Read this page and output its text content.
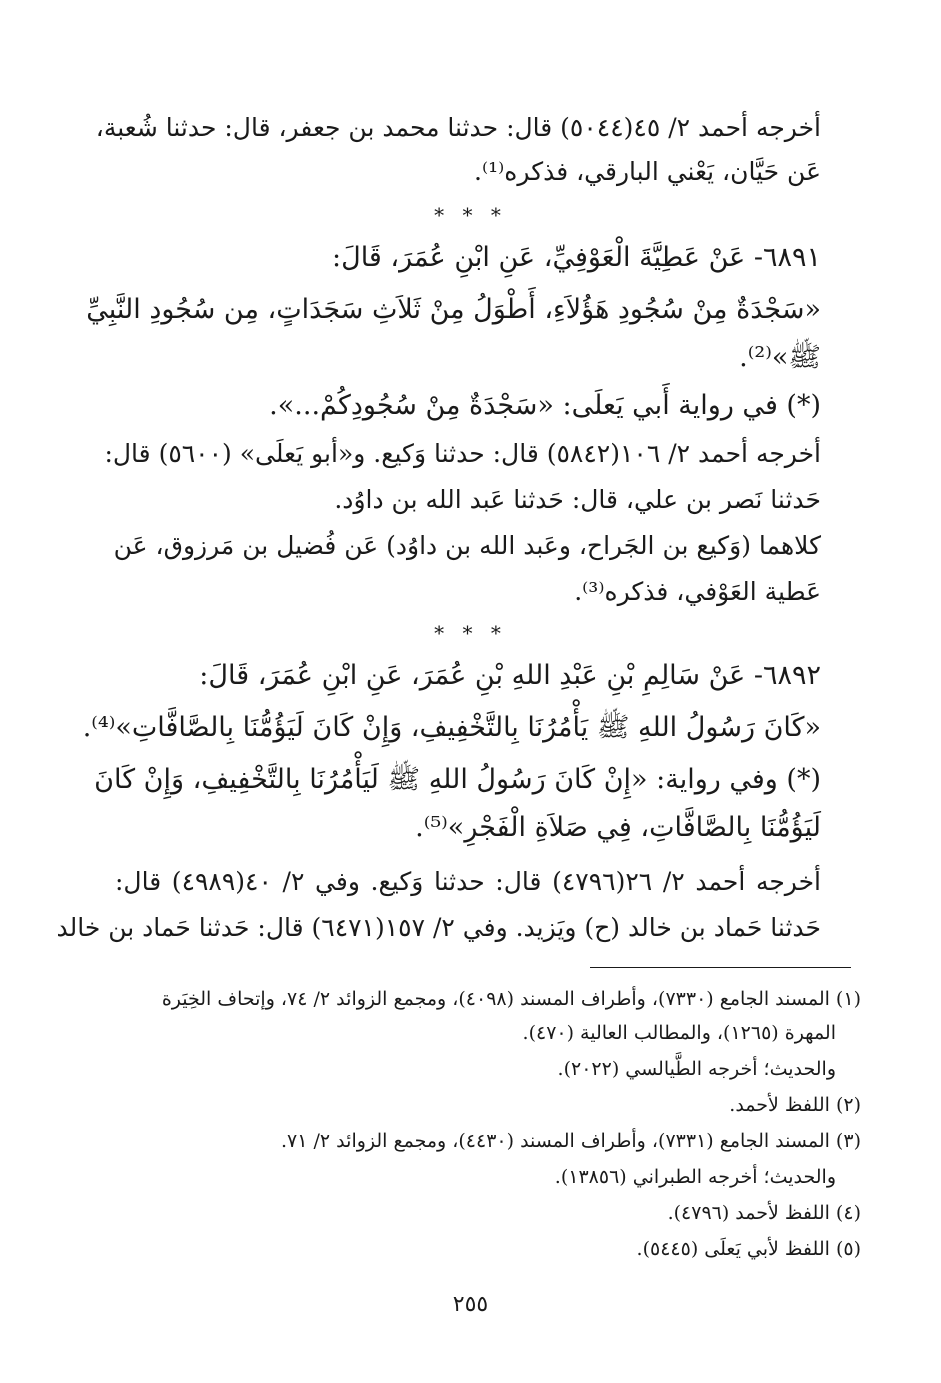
أخرجه أحمد ٢/ ٤٥(٥٠٤٤) قال: حدثنا محمد بن جعفر، قال: حدثنا شُعبة،
عَن حَيَّان، يَعْني البارقي، فذكره⁽¹⁾.
* * *
٦٨٩١- عَنْ عَطِيَّةَ الْعَوْفِيِّ، عَنِ ابْنِ عُمَرَ، قَالَ:
«سَجْدَةٌ مِنْ سُجُودِ هَؤُلاَءِ، أَطْوَلُ مِنْ ثَلاَثِ سَجَدَاتٍ، مِن سُجُودِ النَّبِيِّ
ﷺ»⁽²⁾.
(*) في رواية أَبي يَعلَى: «سَجْدَةٌ مِنْ سُجُودِكُمْ...».
أخرجه أحمد ٢/ ١٠٦(٥٨٤٢) قال: حدثنا وَكيع. و«أبو يَعلَى» (٥٦٠٠) قال:
حَدثنا نَصر بن علي، قال: حَدثنا عَبد الله بن داوُد.
كلاهما (وَكيع بن الجَراح، وعَبد الله بن داوُد) عَن فُضيل بن مَرزوق، عَن
عَطية العَوْفي، فذكره⁽³⁾.
* * *
٦٨٩٢- عَنْ سَالِمِ بْنِ عَبْدِ اللهِ بْنِ عُمَرَ، عَنِ ابْنِ عُمَرَ، قَالَ:
«كَانَ رَسُولُ اللهِ ﷺ يَأْمُرُنَا بِالتَّخْفِيفِ، وَإِنْ كَانَ لَيَؤُمُّنَا بِالصَّافَّاتِ»⁽⁴⁾.
(*) وفي رواية: «إِنْ كَانَ رَسُولُ اللهِ ﷺ لَيَأْمُرُنَا بِالتَّخْفِيفِ، وَإِنْ كَانَ
لَيَؤُمُّنَا بِالصَّافَّاتِ، فِي صَلاَةِ الْفَجْرِ»⁽⁵⁾.
أخرجه أحمد ٢/ ٢٦(٤٧٩٦) قال: حدثنا وَكيع. وفي ٢/ ٤٠(٤٩٨٩) قال:
حَدثنا حَماد بن خالد (ح) ويَزيد. وفي ٢/ ١٥٧(٦٤٧١) قال: حَدثنا حَماد بن خالد
(١) المسند الجامع (٧٣٣٠)، وأطراف المسند (٤٠٩٨)، ومجمع الزوائد ٢/ ٧٤، وإتحاف الخِيَرة
المهرة (١٢٦٥)، والمطالب العالية (٤٧٠).
والحديث؛ أخرجه الطَّيالسي (٢٠٢٢).
(٢) اللفظ لأحمد.
(٣) المسند الجامع (٧٣٣١)، وأطراف المسند (٤٤٣٠)، ومجمع الزوائد ٢/ ٧١.
والحديث؛ أخرجه الطبراني (١٣٨٥٦).
(٤) اللفظ لأحمد (٤٧٩٦).
(٥) اللفظ لأبي يَعلَى (٥٤٤٥).
٢٥٥
